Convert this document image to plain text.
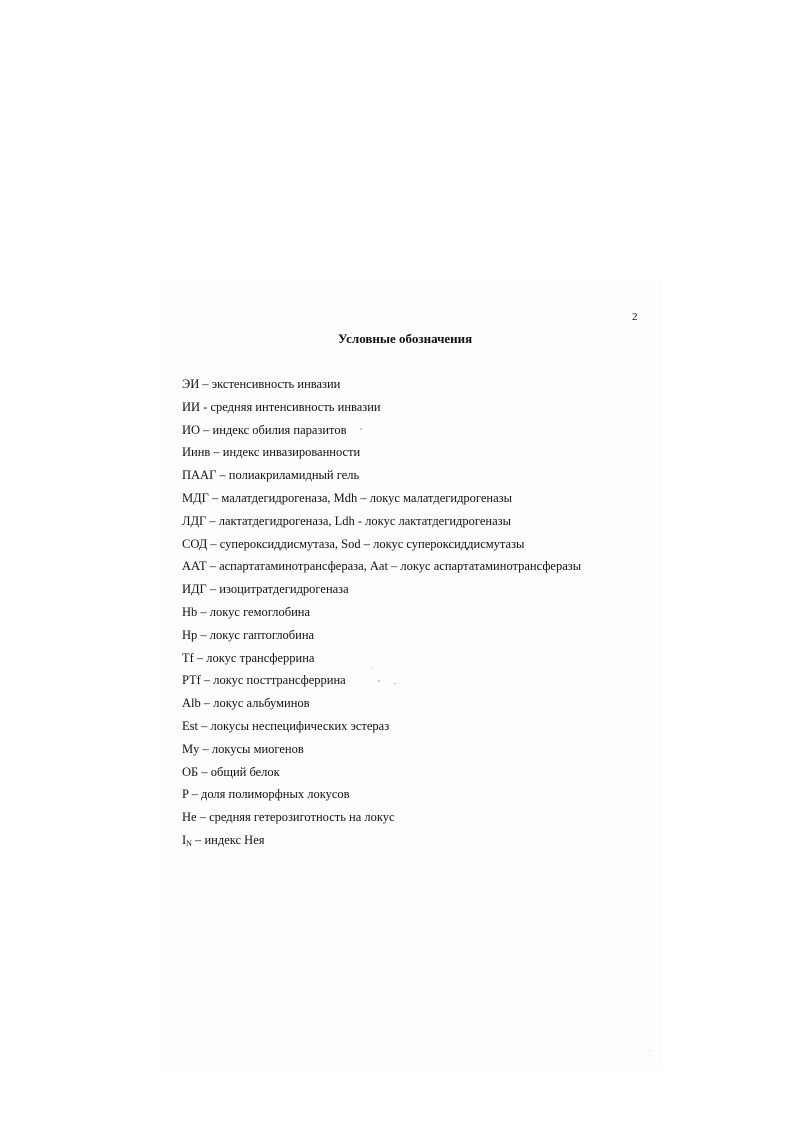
2
Условные обозначения
ЭИ – экстенсивность инвазии
ИИ - средняя интенсивность инвазии
ИО – индекс обилия паразитов
Иинв – индекс инвазированности
ПААГ – полиакриламидный гель
МДГ – малатдегидрогеназа, Mdh – локус малатдегидрогеназы
ЛДГ – лактатдегидрогеназа, Ldh - локус лактатдегидрогеназы
СОД – супероксиддисмутаза, Sod – локус супероксиддисмутазы
ААТ – аспартатаминотрансфераза, Aat – локус аспартатаминотрансферазы
ИДГ – изоцитратдегидрогеназа
Hb – локус гемоглобина
Hp – локус гаптоглобина
Tf – локус трансферрина
PTf – локус посттрансферрина
Alb – локус альбуминов
Est – локусы неспецифических эстераз
My – локусы миогенов
ОБ – общий белок
P – доля полиморфных локусов
He – средняя гетерозиготность на локус
$I_N$ – индекс Нея
